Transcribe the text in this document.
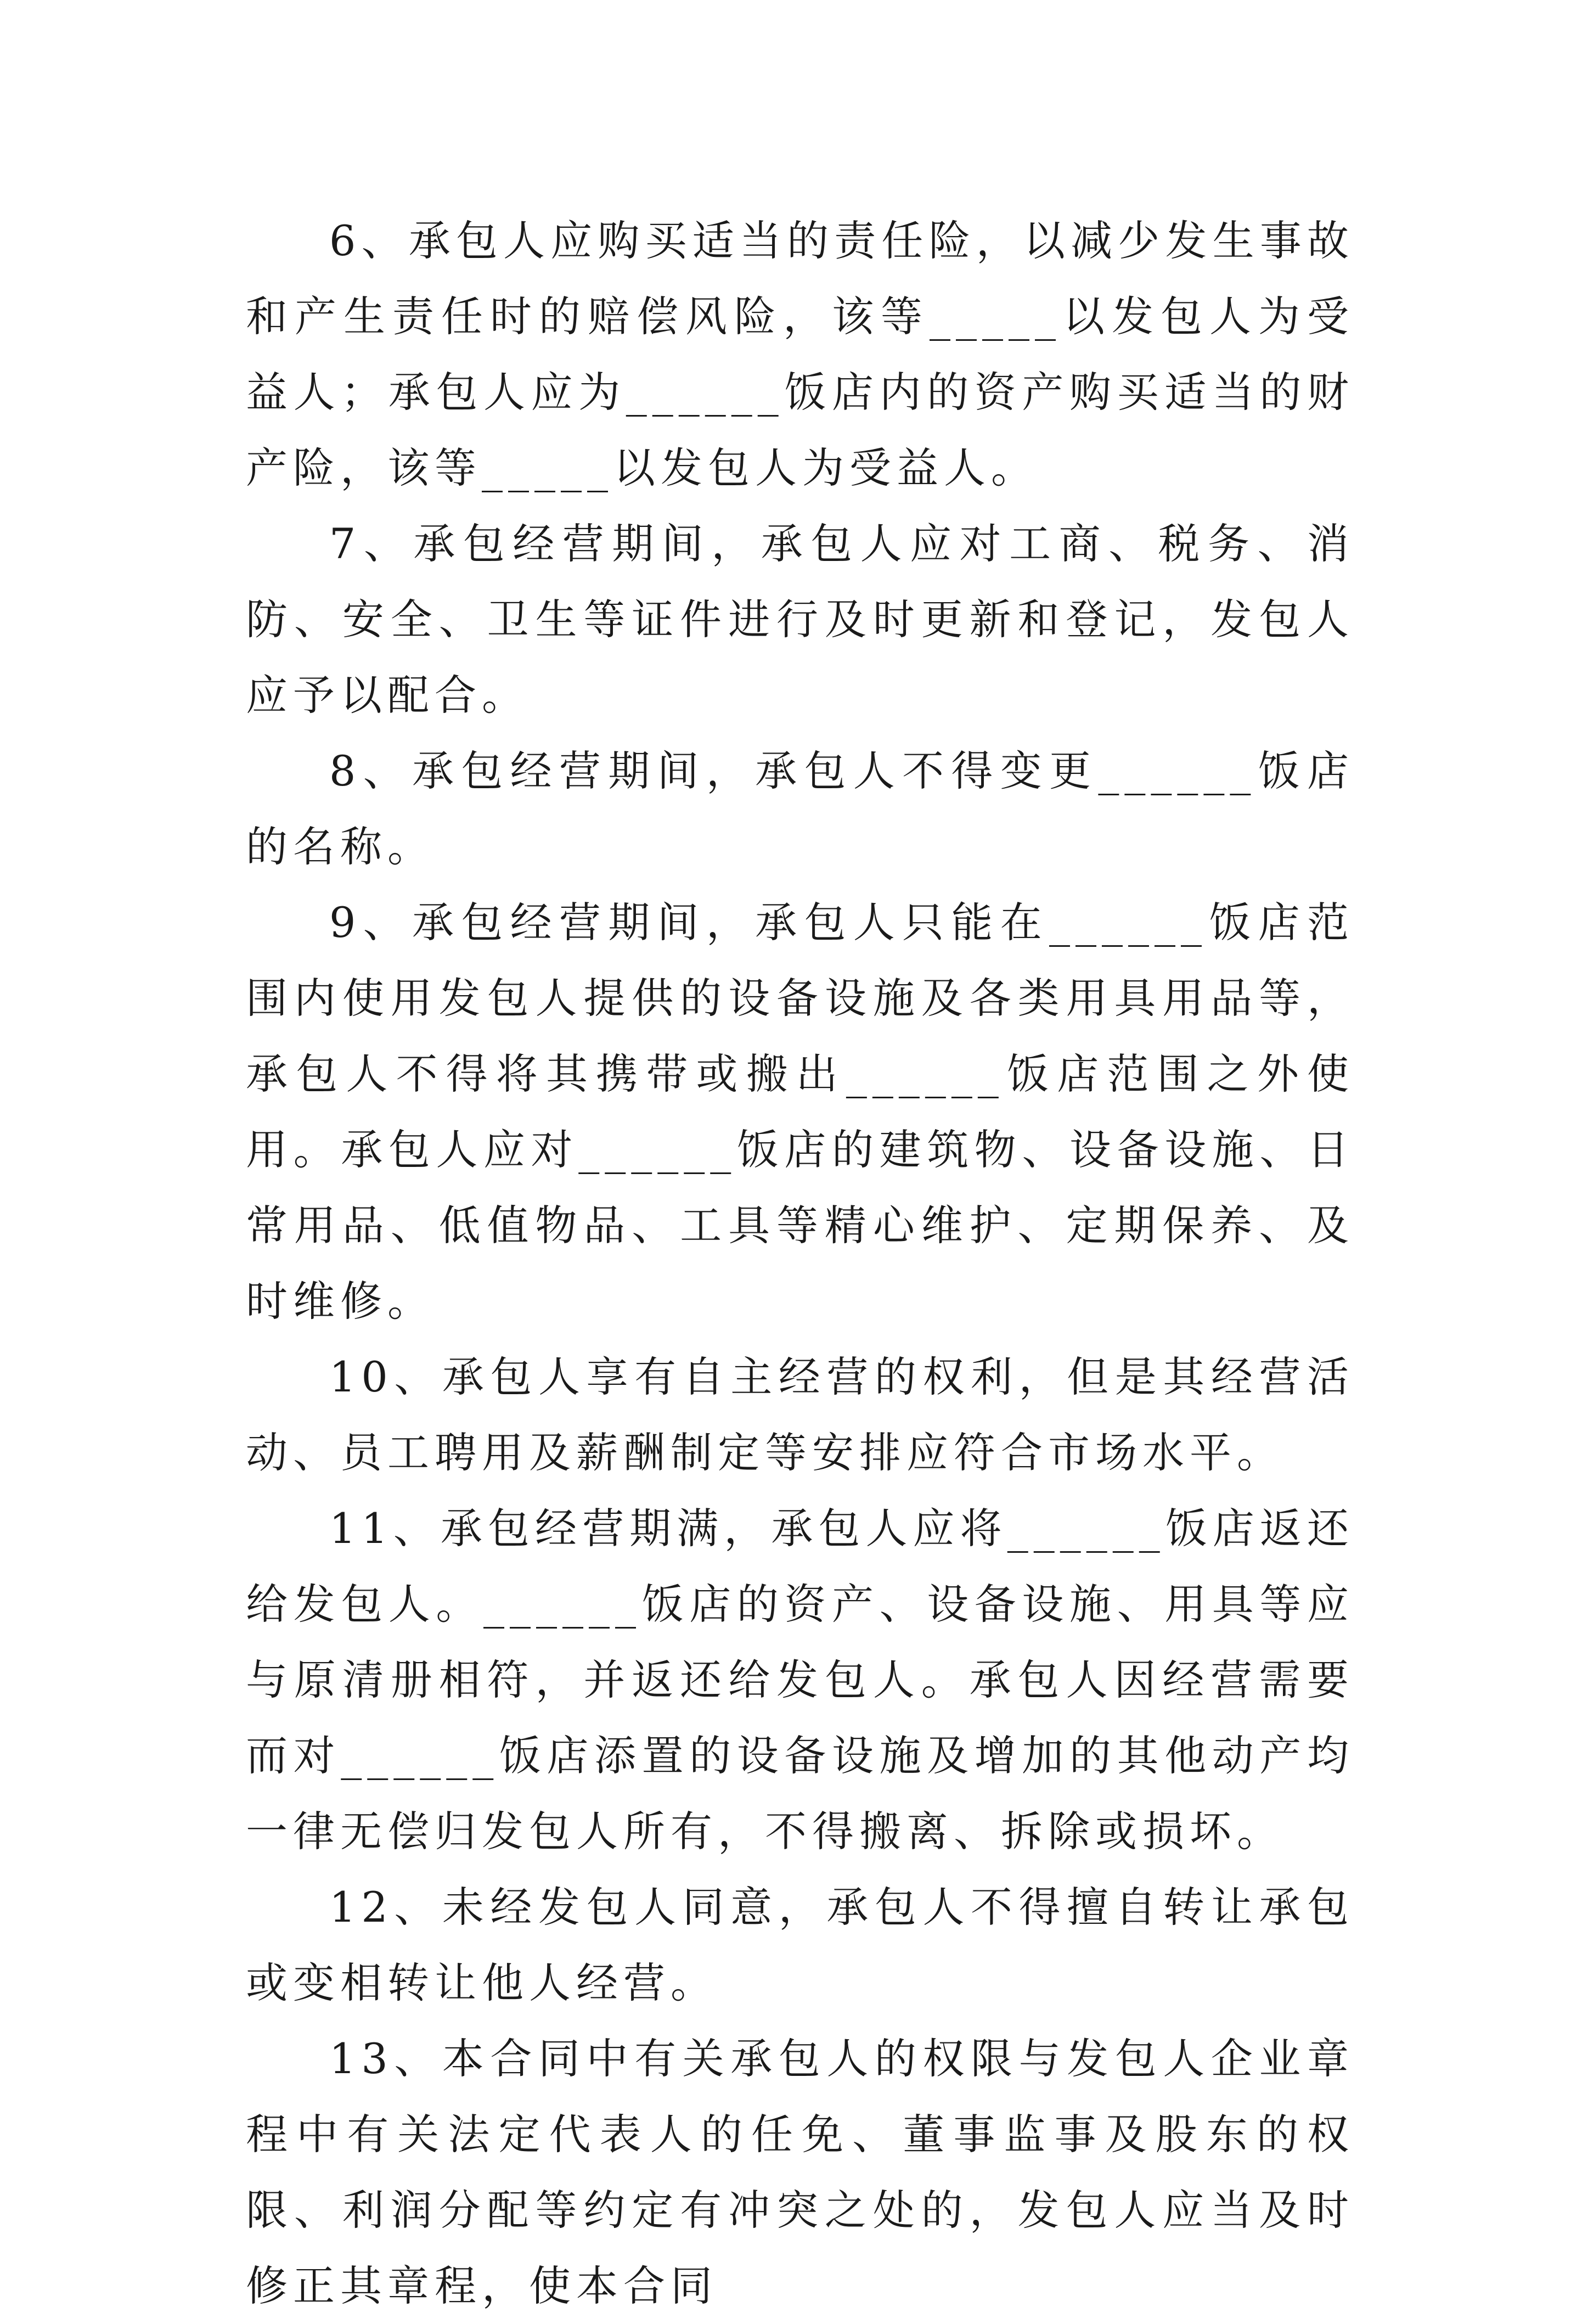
6、承包人应购买适当的责任险，以减少发生事故和产生责任时的赔偿风险，该等_____以发包人为受益人；承包人应为______饭店内的资产购买适当的财产险，该等_____以发包人为受益人。

7、承包经营期间，承包人应对工商、税务、消防、安全、卫生等证件进行及时更新和登记，发包人应予以配合。

8、承包经营期间，承包人不得变更______饭店的名称。

9、承包经营期间，承包人只能在______饭店范围内使用发包人提供的设备设施及各类用具用品等，承包人不得将其携带或搬出______饭店范围之外使用。承包人应对______饭店的建筑物、设备设施、日常用品、低值物品、工具等精心维护、定期保养、及时维修。

10、承包人享有自主经营的权利，但是其经营活动、员工聘用及薪酬制定等安排应符合市场水平。

11、承包经营期满，承包人应将______饭店返还给发包人。______饭店的资产、设备设施、用具等应与原清册相符，并返还给发包人。承包人因经营需要而对______饭店添置的设备设施及增加的其他动产均一律无偿归发包人所有，不得搬离、拆除或损坏。

12、未经发包人同意，承包人不得擅自转让承包或变相转让他人经营。

13、本合同中有关承包人的权限与发包人企业章程中有关法定代表人的任免、董事监事及股东的权限、利润分配等约定有冲突之处的，发包人应当及时修正其章程，使本合同
